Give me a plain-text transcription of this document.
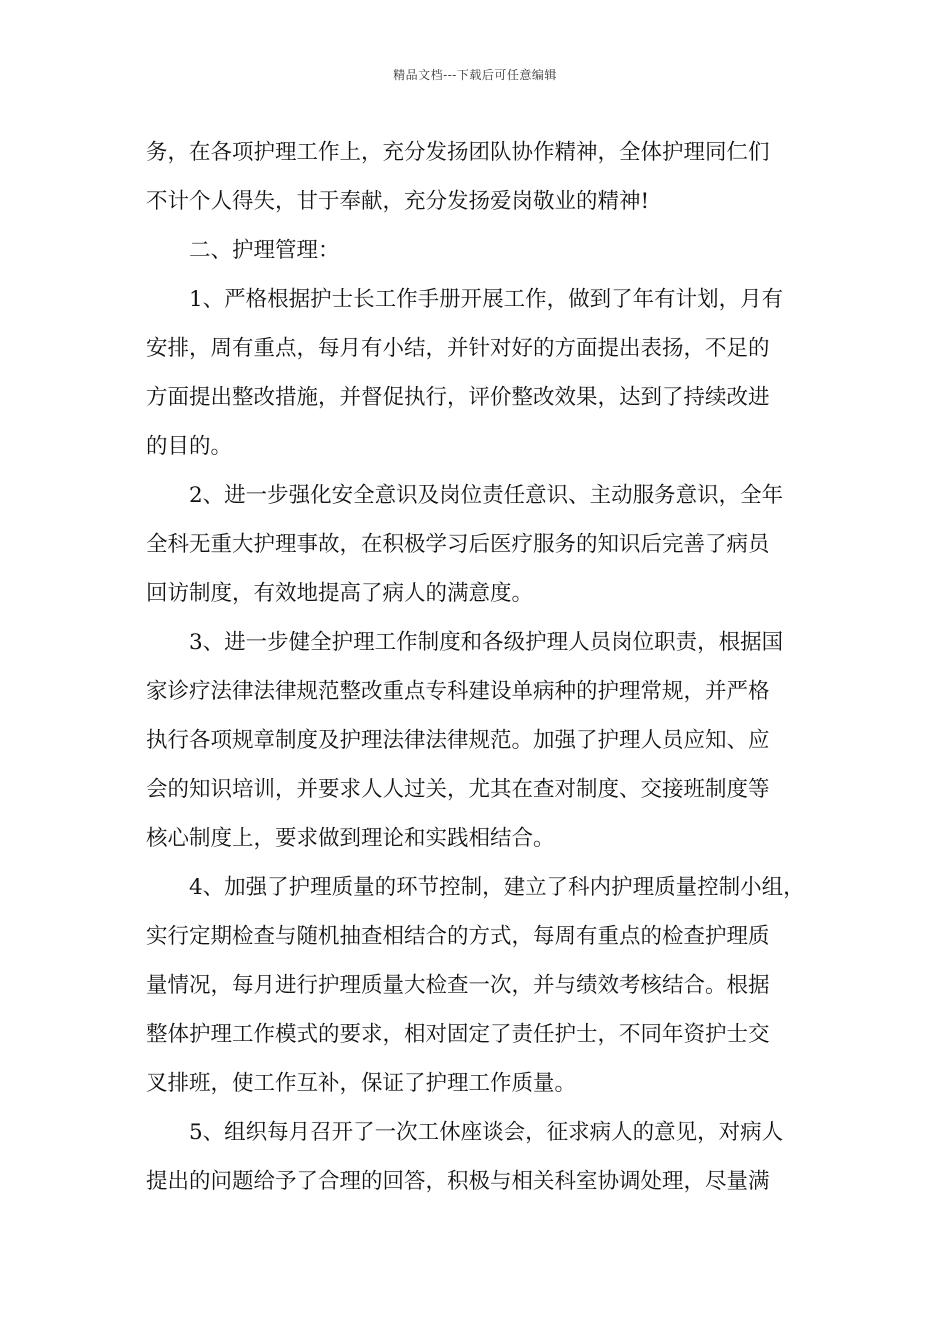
精品文档---下载后可任意编辑
务，在各项护理工作上，充分发扬团队协作精神，全体护理同仁们
不计个人得失，甘于奉献，充分发扬爱岗敬业的精神!
二、护理管理：
1、严格根据护士长工作手册开展工作，做到了年有计划，月有
安排，周有重点，每月有小结，并针对好的方面提出表扬，不足的
方面提出整改措施，并督促执行，评价整改效果，达到了持续改进
的目的。
2、进一步强化安全意识及岗位责任意识、主动服务意识，全年
全科无重大护理事故，在积极学习后医疗服务的知识后完善了病员
回访制度，有效地提高了病人的满意度。
3、进一步健全护理工作制度和各级护理人员岗位职责，根据国
家诊疗法律法律规范整改重点专科建设单病种的护理常规，并严格
执行各项规章制度及护理法律法律规范。加强了护理人员应知、应
会的知识培训，并要求人人过关，尤其在查对制度、交接班制度等
核心制度上，要求做到理论和实践相结合。
4、加强了护理质量的环节控制，建立了科内护理质量控制小组，
实行定期检查与随机抽查相结合的方式，每周有重点的检查护理质
量情况，每月进行护理质量大检查一次，并与绩效考核结合。根据
整体护理工作模式的要求，相对固定了责任护士，不同年资护士交
叉排班，使工作互补，保证了护理工作质量。
5、组织每月召开了一次工休座谈会，征求病人的意见，对病人
提出的问题给予了合理的回答，积极与相关科室协调处理，尽量满
